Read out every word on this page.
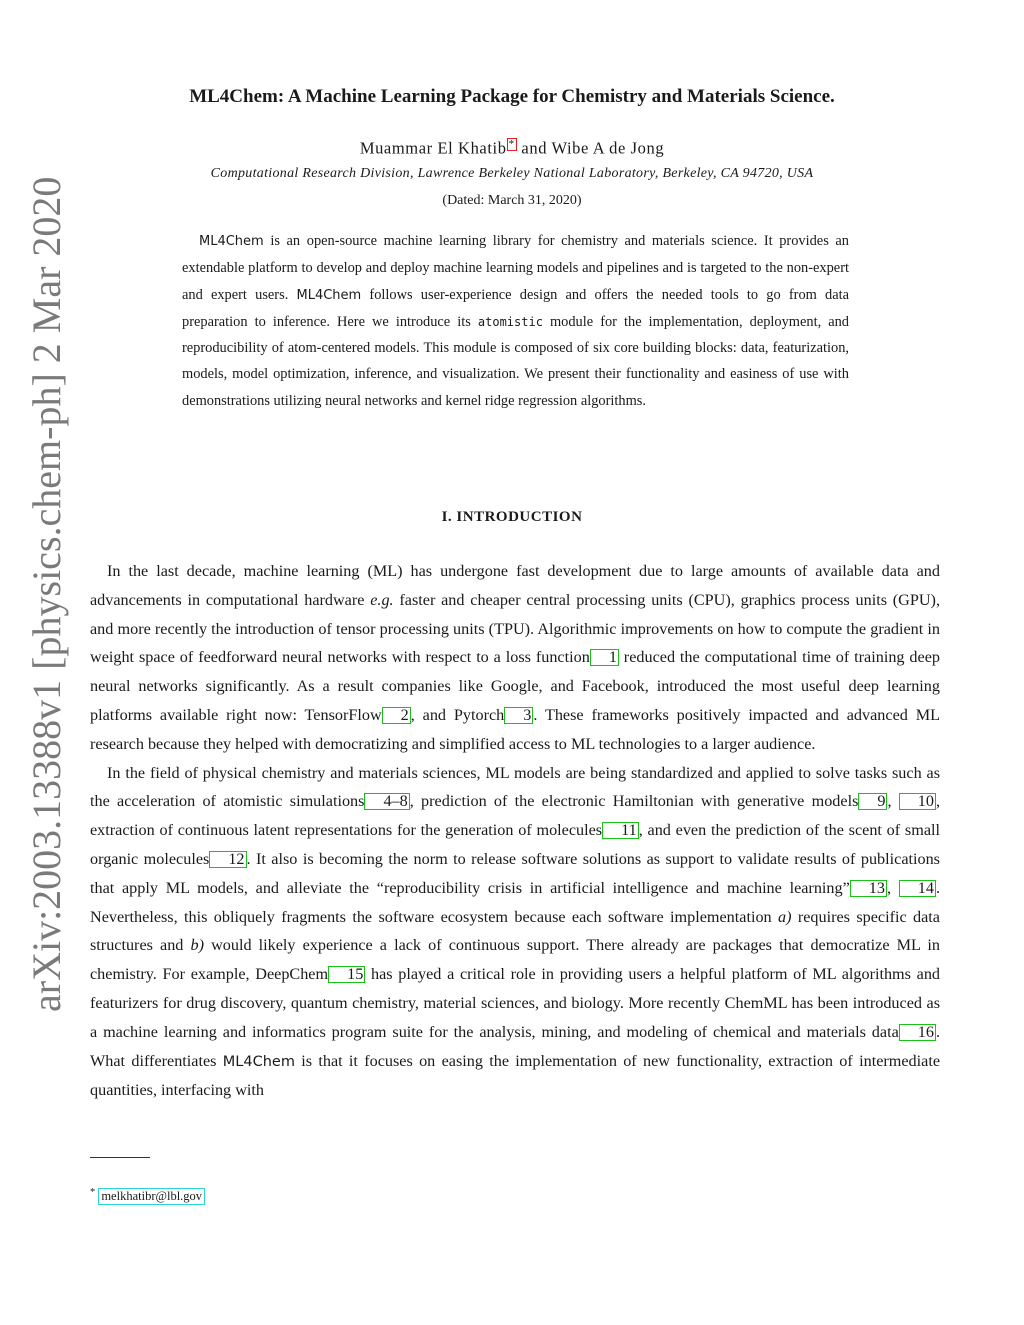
arXiv:2003.13388v1 [physics.chem-ph] 2 Mar 2020
ML4Chem: A Machine Learning Package for Chemistry and Materials Science.
Muammar El Khatib * and Wibe A de Jong
Computational Research Division, Lawrence Berkeley National Laboratory, Berkeley, CA 94720, USA
(Dated: March 31, 2020)
ML4Chem is an open-source machine learning library for chemistry and materials science. It provides an extendable platform to develop and deploy machine learning models and pipelines and is targeted to the non-expert and expert users. ML4Chem follows user-experience design and offers the needed tools to go from data preparation to inference. Here we introduce its atomistic module for the implementation, deployment, and reproducibility of atom-centered models. This module is composed of six core building blocks: data, featurization, models, model optimization, inference, and visualization. We present their functionality and easiness of use with demonstrations utilizing neural networks and kernel ridge regression algorithms.
I. INTRODUCTION

In the last decade, machine learning (ML) has undergone fast development due to large amounts of available data and advancements in computational hardware e.g. faster and cheaper central processing units (CPU), graphics process units (GPU), and more recently the introduction of tensor processing units (TPU). Algorithmic improvements on how to compute the gradient in weight space of feedforward neural networks with respect to a loss function 1 reduced the computational time of training deep neural networks significantly. As a result companies like Google, and Facebook, introduced the most useful deep learning platforms available right now: TensorFlow 2 , and Pytorch 3 . These frameworks positively impacted and advanced ML research because they helped with democratizing and simplified access to ML technologies to a larger audience.

In the field of physical chemistry and materials sciences, ML models are being standardized and applied to solve tasks such as the acceleration of atomistic simulations 4–8 , prediction of the electronic Hamiltonian with generative models 9 , 10 , extraction of continuous latent representations for the generation of molecules 11 , and even the prediction of the scent of small organic molecules 12 . It also is becoming the norm to release software solutions as support to validate results of publications that apply ML models, and alleviate the “reproducibility crisis in artificial intelligence and machine learning” 13 , 14 . Nevertheless, this obliquely fragments the software ecosystem because each software implementation a) requires specific data structures and b) would likely experience a lack of continuous support. There already are packages that democratize ML in chemistry. For example, DeepChem 15 has played a critical role in providing users a helpful platform of ML algorithms and featurizers for drug discovery, quantum chemistry, material sciences, and biology. More recently ChemML has been introduced as a machine learning and informatics program suite for the analysis, mining, and modeling of chemical and materials data 16 . What differentiates ML4Chem is that it focuses on easing the implementation of new functionality, extraction of intermediate quantities, interfacing with

* melkhatibr@lbl.gov
